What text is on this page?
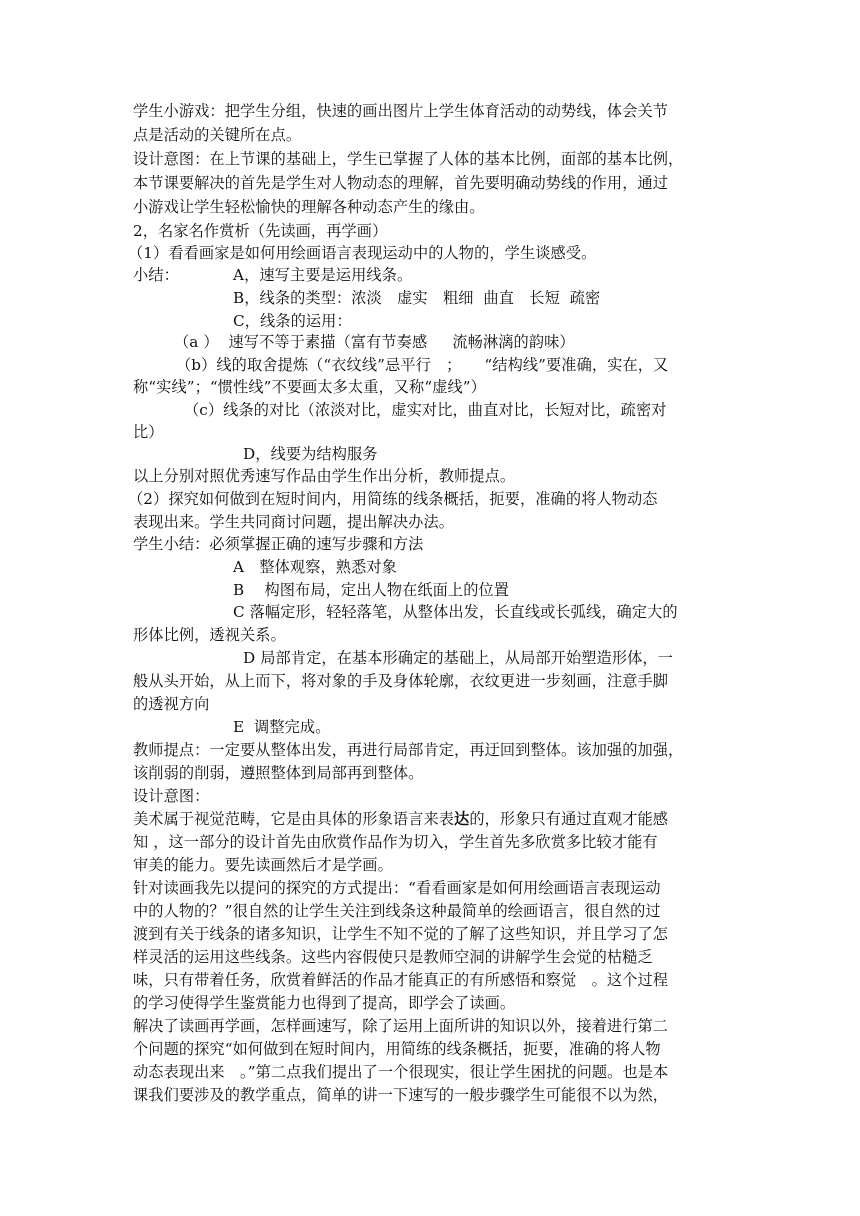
学生小游戏：把学生分组，快速的画出图片上学生体育活动的动势线，体会关节
点是活动的关键所在点。
设计意图：在上节课的基础上，学生已掌握了人体的基本比例，面部的基本比例，
本节课要解决的首先是学生对人物动态的理解，首先要明确动势线的作用，通过
小游戏让学生轻松愉快的理解各种动态产生的缘由。
2，名家名作赏析（先读画，再学画）
（1）看看画家是如何用绘画语言表现运动中的人物的，学生谈感受。
小结：	A，速写主要是运用线条。
B，线条的类型：浓淡　虚实　粗细  曲直　长短  疏密
C，线条的运用：
（a ）  速写不等于素描（富有节奏感　  流畅淋漓的韵味）
（b）线的取舍提炼（“衣纹线”忌平行　；　　“结构线”要准确，实在，又
称“实线”；“惯性线”不要画太多太重，又称“虚线”）
（c）线条的对比（浓淡对比，虚实对比，曲直对比，长短对比，疏密对
比）
D，线要为结构服务
以上分别对照优秀速写作品由学生作出分析，教师提点。
（2）探究如何做到在短时间内，用简练的线条概括，扼要，准确的将人物动态
表现出来。学生共同商讨问题，提出解决办法。
学生小结：必须掌握正确的速写步骤和方法
A　整体观察，熟悉对象
B 　构图布局，定出人物在纸面上的位置
C 落幅定形，轻轻落笔，从整体出发，长直线或长弧线，确定大的
形体比例，透视关系。
D 局部肯定，在基本形确定的基础上，从局部开始塑造形体，一
般从头开始，从上而下，将对象的手及身体轮廓，衣纹更进一步刻画，注意手脚
的透视方向
E  调整完成。
教师提点：一定要从整体出发，再进行局部肯定，再迂回到整体。该加强的加强，
该削弱的削弱，遵照整体到局部再到整体。
设计意图：
美术属于视觉范畴，它是由具体的形象语言来表达的，形象只有通过直观才能感
知 ，这一部分的设计首先由欣赏作品作为切入，学生首先多欣赏多比较才能有
审美的能力。要先读画然后才是学画。
针对读画我先以提问的探究的方式提出：“看看画家是如何用绘画语言表现运动
中的人物的？”很自然的让学生关注到线条这种最简单的绘画语言，很自然的过
渡到有关于线条的诸多知识，让学生不知不觉的了解了这些知识，并且学习了怎
样灵活的运用这些线条。这些内容假使只是教师空洞的讲解学生会觉的枯糙乏
味，只有带着任务，欣赏着鲜活的作品才能真正的有所感悟和察觉　。这个过程
的学习使得学生鉴赏能力也得到了提高，即学会了读画。
解决了读画再学画，怎样画速写，除了运用上面所讲的知识以外，接着进行第二
个问题的探究“如何做到在短时间内，用简练的线条概括，扼要，准确的将人物
动态表现出来　。”第二点我们提出了一个很现实，很让学生困扰的问题。也是本
课我们要涉及的教学重点，简单的讲一下速写的一般步骤学生可能很不以为然，
